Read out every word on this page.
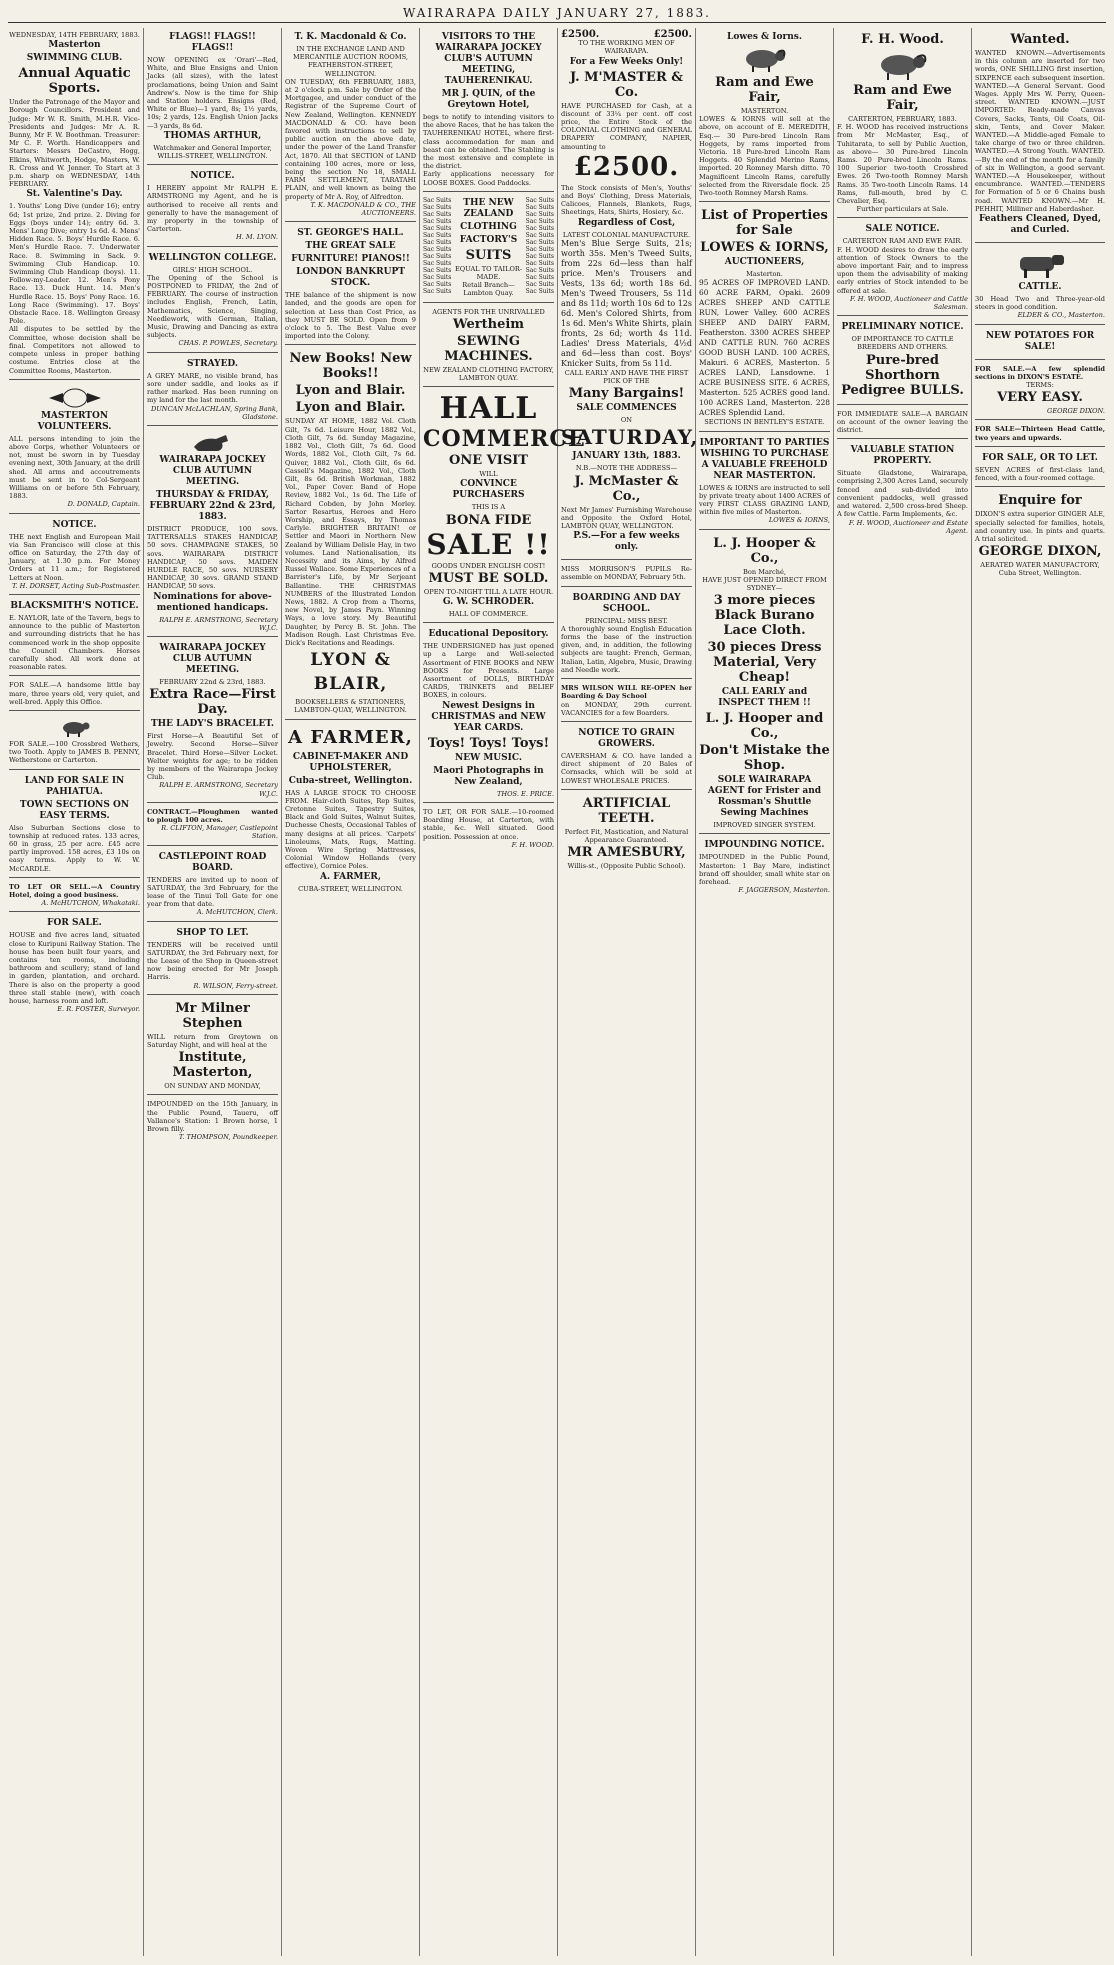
WAIRARAPA DAILY JANUARY 27, 1883.
WEDNESDAY, 14TH FEBRUARY, 1883.
Masterton
SWIMMING CLUB.
Annual Aquatic Sports.
Under the Patronage of the Mayor and Borough Councillors. President and Judge: Mr W. R. Smith, M.H.R. Vice-Presidents and Judges: Mr A. R. Bunny, Mr F. W. Boothman. Treasurer: Mr C. F. Worth. Handicappers and Starters: Messrs DeCastro, Hogg, Elkins, Whitworth, Hodge, Masters, W. R. Cross and W. Jenner. To Start at 3 p.m. sharp on WEDNESDAY, 14th FEBRUARY.
St. Valentine's Day.
1. Youths' Long Dive (under 16); entry 6d; 1st prize, 2nd prize. 2. Diving for Eggs (boys under 14); entry 6d. 3. Mens' Long Dive; entry 1s 6d. 4. Mens' Hidden Race. 5. Boys' Hurdle Race. 6. Men's Hurdle Race. 7. Underwater Race. 8. Swimming in Sack. 9. Swimming Club Handicap. 10. Swimming Club Handicap (boys). 11. Follow-my-Leader. 12. Men's Pony Race. 13. Duck Hunt. 14. Men's Hurdle Race. 15. Boys' Pony Race. 16. Long Race (Swimming). 17. Boys' Obstacle Race. 18. Wellington Greasy Pole.
All disputes to be settled by the Committee, whose decision shall be final. Competitors not allowed to compete unless in proper bathing costume. Entries close at the Committee Rooms, Masterton.
MASTERTON VOLUNTEERS.
ALL persons intending to join the above Corps, whether Volunteers or not, must be sworn in by Tuesday evening next, 30th January, at the drill shed. All arms and accoutrements must be sent in to Col-Sergeant Williams on or before 5th February, 1883.
D. DONALD, Captain.
NOTICE.
THE next English and European Mail via San Francisco will close at this office on Saturday, the 27th day of January, at 1.30 p.m. For Money Orders at 11 a.m.; for Registered Letters at Noon.
T. H. DORSET, Acting Sub-Postmaster.
BLACKSMITH'S NOTICE.
E. NAYLOR, late of the Tavern, begs to announce to the public of Masterton and surrounding districts that he has commenced work in the shop opposite the Council Chambers. Horses carefully shod. All work done at reasonable rates.
FOR SALE.—A handsome little bay mare, three years old, very quiet, and well-bred. Apply this Office.
FOR SALE.—100 Crossbred Wethers, two Tooth. Apply to JAMES B. PENNY, Wetherstone or Carterton.
LAND FOR SALE IN PAHIATUA.
TOWN SECTIONS ON EASY TERMS.
Also Suburban Sections close to township at reduced rates. 133 acres, 60 in grass, 25 per acre. £45 acre partly improved. 158 acres, £3 10s on easy terms. Apply to W. W. McCARDLE.
TO LET OR SELL.—A Country Hotel, doing a good business.
A. McHUTCHON, Whakataki.
FOR SALE.
HOUSE and five acres land, situated close to Kuripuni Railway Station. The house has been built four years, and contains ten rooms, including bathroom and scullery; stand of land in garden, plantation, and orchard. There is also on the property a good three stall stable (new), with coach house, harness room and loft.
E. R. FOSTER, Surveyor.
FLAGS!! FLAGS!! FLAGS!!
NOW OPENING ex 'Orari'—Red, White, and Blue Ensigns and Union Jacks (all sizes), with the latest proclamations, being Union and Saint Andrew's. Now is the time for Ship and Station holders. Ensigns (Red, White or Blue)—1 yard, 8s; 1½ yards, 10s; 2 yards, 12s. English Union Jacks—3 yards, 8s 6d.
THOMAS ARTHUR,
Watchmaker and General Importer, WILLIS-STREET, WELLINGTON.
NOTICE.
I HEREBY appoint Mr RALPH E. ARMSTRONG my Agent, and he is authorised to receive all rents and generally to have the management of my property in the township of Carterton.
H. M. LYON.
WELLINGTON COLLEGE.
GIRLS' HIGH SCHOOL.
The Opening of the School is POSTPONED to FRIDAY, the 2nd of FEBRUARY. The course of instruction includes English, French, Latin, Mathematics, Science, Singing, Needlework, with German, Italian, Music, Drawing and Dancing as extra subjects.
CHAS. P. POWLES, Secretary.
STRAYED.
A GREY MARE, no visible brand, has sore under saddle, and looks as if rather marked. Has been running on my land for the last month.
DUNCAN McLACHLAN, Spring Bank, Gladstone.
WAIRARAPA JOCKEY CLUB AUTUMN MEETING.
THURSDAY & FRIDAY, FEBRUARY 22nd & 23rd, 1883.
DISTRICT PRODUCE, 100 sovs. TATTERSALLS STAKES HANDICAP, 50 sovs. CHAMPAGNE STAKES, 50 sovs. WAIRARAPA DISTRICT HANDICAP, 50 sovs. MAIDEN HURDLE RACE, 50 sovs. NURSERY HANDICAP, 30 sovs. GRAND STAND HANDICAP, 50 sovs.
Nominations for above-mentioned handicaps.
RALPH E. ARMSTRONG, Secretary W.J.C.
WAIRARAPA JOCKEY CLUB AUTUMN MEETING.
FEBRUARY 22nd & 23rd, 1883.
Extra Race—First Day.
THE LADY'S BRACELET.
First Horse—A Beautiful Set of Jewelry. Second Horse—Silver Bracelet. Third Horse—Silver Locket. Welter weights for age; to be ridden by members of the Wairarapa Jockey Club.
RALPH E. ARMSTRONG, Secretary W.J.C.
CONTRACT.—Ploughmen wanted to plough 100 acres.
R. CLIFTON, Manager, Castlepoint Station.
CASTLEPOINT ROAD BOARD.
TENDERS are invited up to noon of SATURDAY, the 3rd February, for the lease of the Tinui Toll Gate for one year from that date.
A. McHUTCHON, Clerk.
SHOP TO LET.
TENDERS will be received until SATURDAY, the 3rd February next, for the Lease of the Shop in Queen-street now being erected for Mr Joseph Harris.
R. WILSON, Ferry-street.
Mr Milner Stephen
WILL return from Greytown on Saturday Night, and will heal at the
Institute, Masterton,
ON SUNDAY AND MONDAY,
IMPOUNDED on the 15th January, in the Public Pound, Taueru, off Vallance's Station: 1 Brown horse, 1 Brown filly.
T. THOMPSON, Poundkeeper.
T. K. Macdonald & Co.
IN THE EXCHANGE LAND AND MERCANTILE AUCTION ROOMS, FEATHERSTON-STREET, WELLINGTON.
ON TUESDAY, 6th FEBRUARY, 1883, at 2 o'clock p.m. Sale by Order of the Mortgagee, and under conduct of the Registrar of the Supreme Court of New Zealand, Wellington. KENNEDY MACDONALD & CO. have been favored with instructions to sell by public auction on the above date, under the power of the Land Transfer Act, 1870. All that SECTION of LAND containing 100 acres, more or less, being the section No 18, SMALL FARM SETTLEMENT, TARATAHI PLAIN, and well known as being the property of Mr A. Roy, of Alfredton.
T. K. MACDONALD & CO., THE AUCTIONEERS.
ST. GEORGE'S HALL.
THE GREAT SALE
FURNITURE! PIANOS!!
LONDON BANKRUPT STOCK.
THE balance of the shipment is now landed, and the goods are open for selection at Less than Cost Price, as they MUST BE SOLD. Open from 9 o'clock to 5. The Best Value ever imported into the Colony.
New Books! New Books!!
Lyon and Blair.
Lyon and Blair.
SUNDAY AT HOME, 1882 Vol. Cloth Gilt, 7s 6d. Leisure Hour, 1882 Vol., Cloth Gilt, 7s 6d. Sunday Magazine, 1882 Vol., Cloth Gilt, 7s 6d. Good Words, 1882 Vol., Cloth Gilt, 7s 6d. Quiver, 1882 Vol., Cloth Gilt, 6s 6d. Cassell's Magazine, 1882 Vol., Cloth Gilt, 8s 6d. British Workman, 1882 Vol., Paper Cover. Band of Hope Review, 1882 Vol., 1s 6d. The Life of Richard Cobden, by John Morley. Sartor Resartus, Heroes and Hero Worship, and Essays, by Thomas Carlyle. BRIGHTER BRITAIN! or Settler and Maori in Northern New Zealand by William Delisle Hay, in two volumes. Land Nationalisation, its Necessity and its Aims, by Alfred Russel Wallace. Some Experiences of a Barrister's Life, by Mr Serjeant Ballantine. THE CHRISTMAS NUMBERS of the Illustrated London News, 1882. A Crop from a Thorns, new Novel, by James Payn. Winning Ways, a love story. My Beautiful Daughter, by Percy B. St. John. The Madison Rough. Last Christmas Eve. Dick's Recitations and Readings.
LYON & BLAIR,
BOOKSELLERS & STATIONERS,
LAMBTON-QUAY, WELLINGTON.
A FARMER,
CABINET-MAKER AND UPHOLSTERER,
Cuba-street, Wellington.
HAS A LARGE STOCK TO CHOOSE FROM. Hair-cloth Suites, Rep Suites, Cretonne Suites, Tapestry Suites, Black and Gold Suites, Walnut Suites, Duchesse Chests, Occasional Tables of many designs at all prices. 'Carpets' Linoleums, Mats, Rugs, Matting. Woven Wire Spring Mattresses, Colonial Window Hollands (very effective), Cornice Poles.
A. FARMER,
CUBA-STREET, WELLINGTON.
VISITORS TO THE WAIRARAPA JOCKEY CLUB'S AUTUMN MEETING, TAUHERENIKAU.
MR J. QUIN, of the Greytown Hotel,
begs to notify to intending visitors to the above Races, that he has taken the TAUHERENIKAU HOTEL, where first-class accommodation for man and beast can be obtained. The Stabling is the most extensive and complete in the district.
Early applications necessary for LOOSE BOXES. Good Paddocks.
Sac Suits
Sac Suits
Sac Suits
Sac Suits
Sac Suits
Sac Suits
Sac Suits
Sac Suits
Sac Suits
Sac Suits
Sac Suits
Sac Suits
Sac Suits
Sac Suits
THE NEW ZEALAND
CLOTHING
FACTORY'S
SUITS
EQUAL TO TAILOR-MADE.
Retail Branch—Lambton Quay.
Sac Suits
Sac Suits
Sac Suits
Sac Suits
Sac Suits
Sac Suits
Sac Suits
Sac Suits
Sac Suits
Sac Suits
Sac Suits
Sac Suits
Sac Suits
Sac Suits
AGENTS FOR THE UNRIVALLED
Wertheim
SEWING MACHINES.
NEW ZEALAND CLOTHING FACTORY, LAMBTON QUAY.
HALL
COMMERCE
ONE VISIT
WILL
CONVINCE PURCHASERS
THIS IS A
BONA FIDE
SALE !!
GOODS UNDER ENGLISH COST!
MUST BE SOLD.
OPEN TO-NIGHT TILL A LATE HOUR.
G. W. SCHRODER.
HALL OF COMMERCE.
Educational Depository.
THE UNDERSIGNED has just opened up a Large and Well-selected Assortment of FINE BOOKS and NEW BOOKS for Presents. Large Assortment of DOLLS, BIRTHDAY CARDS, TRINKETS and BELIEF BOXES, in colours.
Newest Designs in CHRISTMAS and NEW YEAR CARDS.
Toys! Toys! Toys!
NEW MUSIC.
Maori Photographs in New Zealand,
THOS. E. PRICE.
TO LET, OR FOR SALE.—10-roomed Boarding House, at Carterton, with stable, &c. Well situated. Good position. Possession at once.
F. H. WOOD.
£2500.	£2500.
TO THE WORKING MEN OF WAIRARAPA.
For a Few Weeks Only!
J. M'MASTER & Co.
HAVE PURCHASED for Cash, at a discount of 33¼ per cent. off cost price, the Entire Stock of the COLONIAL CLOTHING and GENERAL DRAPERY COMPANY, NAPIER, amounting to
£2500.
The Stock consists of Men's, Youths' and Boys' Clothing, Dress Materials, Calicoes, Flannels, Blankets, Rugs, Sheetings, Hats, Shirts, Hosiery, &c.
Regardless of Cost,
LATEST COLONIAL MANUFACTURE.
Men's Blue Serge Suits, 21s; worth 35s. Men's Tweed Suits, from 22s 6d—less than half price. Men's Trousers and Vests, 13s 6d; worth 18s 6d. Men's Tweed Trousers, 5s 11d and 8s 11d; worth 10s 6d to 12s 6d. Men's Colored Shirts, from 1s 6d. Men's White Shirts, plain fronts, 2s 6d; worth 4s 11d. Ladies' Dress Materials, 4½d and 6d—less than cost. Boys' Knicker Suits, from 5s 11d.
CALL EARLY AND HAVE THE FIRST PICK OF THE
Many Bargains!
SALE COMMENCES
ON
SATURDAY,
JANUARY 13th, 1883.
N.B.—NOTE THE ADDRESS—
J. McMaster & Co.,
Next Mr James' Furnishing Warehouse and Opposite the Oxford Hotel, LAMBTON QUAY, WELLINGTON.
P.S.—For a few weeks only.
MISS MORRISON'S PUPILS Re-assemble on MONDAY, February 5th.
BOARDING AND DAY SCHOOL.
PRINCIPAL: MISS BEST.
A thoroughly sound English Education forms the base of the instruction given, and, in addition, the following subjects are taught: French, German, Italian, Latin, Algebra, Music, Drawing and Needle work.
MRS WILSON WILL RE-OPEN her Boarding & Day School
on MONDAY, 29th current. VACANCIES for a few Boarders.
NOTICE TO GRAIN GROWERS.
CAVERSHAM & CO. have landed a direct shipment of 20 Bales of Cornsacks, which will be sold at LOWEST WHOLESALE PRICES.
ARTIFICIAL TEETH.
Perfect Fit, Mastication, and Natural Appearance Guaranteed.
MR AMESBURY,
Willis-st., (Opposite Public School).
Lowes & Iorns.
Ram and Ewe Fair,
MASTERTON.
LOWES & IORNS will sell at the above, on account of E. MEREDITH, Esq.— 30 Pure-bred Lincoln Ram Hoggets, by rams imported from Victoria. 18 Pure-bred Lincoln Ram Hoggets. 40 Splendid Merino Rams, imported. 20 Romney Marsh ditto. 70 Magnificent Lincoln Rams, carefully selected from the Riversdale flock. 25 Two-tooth Romney Marsh Rams.
List of Properties for Sale
LOWES & IORNS,
AUCTIONEERS,
Masterton.
95 ACRES OF IMPROVED LAND. 60 ACRE FARM, Opaki. 2609 ACRES SHEEP AND CATTLE RUN, Lower Valley. 600 ACRES SHEEP AND DAIRY FARM, Featherston. 3300 ACRES SHEEP AND CATTLE RUN. 760 ACRES GOOD BUSH LAND. 100 ACRES, Makuri. 6 ACRES, Masterton. 5 ACRES LAND, Lansdowne. 1 ACRE BUSINESS SITE. 6 ACRES, Masterton. 525 ACRES good land. 100 ACRES Land, Masterton. 228 ACRES Splendid Land.
SECTIONS IN BENTLEY'S ESTATE.
IMPORTANT TO PARTIES WISHING TO PURCHASE A VALUABLE FREEHOLD NEAR MASTERTON.
LOWES & IORNS are instructed to sell by private treaty about 1400 ACRES of very FIRST CLASS GRAZING LAND, within five miles of Masterton.
LOWES & IORNS,
L. J. Hooper & Co.,
Bon Marché,
HAVE JUST OPENED DIRECT FROM SYDNEY—
3 more pieces Black Burano Lace Cloth.
30 pieces Dress Material, Very Cheap!
CALL EARLY and INSPECT THEM !!
L. J. Hooper and Co.,
Don't Mistake the Shop.
SOLE WAIRARAPA AGENT for Frister and Rossman's Shuttle Sewing Machines
IMPROVED SINGER SYSTEM.
IMPOUNDING NOTICE.
IMPOUNDED in the Public Pound, Masterton: 1 Bay Mare, indistinct brand off shoulder, small white star on forehead.
F. JAGGERSON, Masterton.
F. H. Wood.
Ram and Ewe Fair,
CARTERTON, FEBRUARY, 1883.
F. H. WOOD has received instructions from Mr McMaster, Esq., of Tuhitarata, to sell by Public Auction, as above— 30 Pure-bred Lincoln Rams. 20 Pure-bred Lincoln Rams. 100 Superior two-tooth Crossbred Ewes. 26 Two-tooth Romney Marsh Rams. 35 Two-tooth Lincoln Rams. 14 Rams, full-mouth, bred by C. Chevalier, Esq.
Further particulars at Sale.
SALE NOTICE.
CARTERTON RAM AND EWE FAIR.
F. H. WOOD desires to draw the early attention of Stock Owners to the above important Fair, and to impress upon them the advisability of making early entries of Stock intended to be offered at sale.
F. H. WOOD, Auctioneer and Cattle Salesman.
PRELIMINARY NOTICE.
OF IMPORTANCE TO CATTLE BREEDERS AND OTHERS.
Pure-bred Shorthorn Pedigree BULLS.
FOR IMMEDIATE SALE—A BARGAIN on account of the owner leaving the district.
VALUABLE STATION PROPERTY.
Situate Gladstone, Wairarapa, comprising 2,300 Acres Land, securely fenced and sub-divided into convenient paddocks, well grassed and watered. 2,500 cross-bred Sheep. A few Cattle. Farm Implements, &c.
F. H. WOOD, Auctioneer and Estate Agent.
Wanted.
WANTED KNOWN.—Advertisements in this column are inserted for two words, ONE SHILLING first insertion, SIXPENCE each subsequent insertion. WANTED.—A General Servant. Good Wages. Apply Mrs W. Perry, Queen-street. WANTED KNOWN.—JUST IMPORTED: Ready-made Canvas Covers, Sacks, Tents, Oil Coats, Oil-skin, Tents, and Cover Maker. WANTED.—A Middle-aged Female to take charge of two or three children. WANTED.—A Strong Youth. WANTED.—By the end of the month for a family of six in Wellington, a good servant. WANTED.—A Housekeeper, without encumbrance. WANTED.—TENDERS for Formation of 5 or 6 Chains bush road. WANTED KNOWN.—Mr H. PEHHIT, Milliner and Haberdasher.
Feathers Cleaned, Dyed, and Curled.
CATTLE.
30 Head Two and Three-year-old steers in good condition.
ELDER & CO., Masterton.
NEW POTATOES FOR SALE!
FOR SALE.—A few splendid sections in DIXON'S ESTATE.
TERMS:
VERY EASY.
GEORGE DIXON.
FOR SALE—Thirteen Head Cattle, two years and upwards.
FOR SALE, OR TO LET.
SEVEN ACRES of first-class land, fenced, with a four-roomed cottage.
Enquire for
DIXON'S extra superior GINGER ALE, specially selected for families, hotels, and country use. In pints and quarts. A trial solicited.
GEORGE DIXON,
AERATED WATER MANUFACTORY, Cuba Street, Wellington.
